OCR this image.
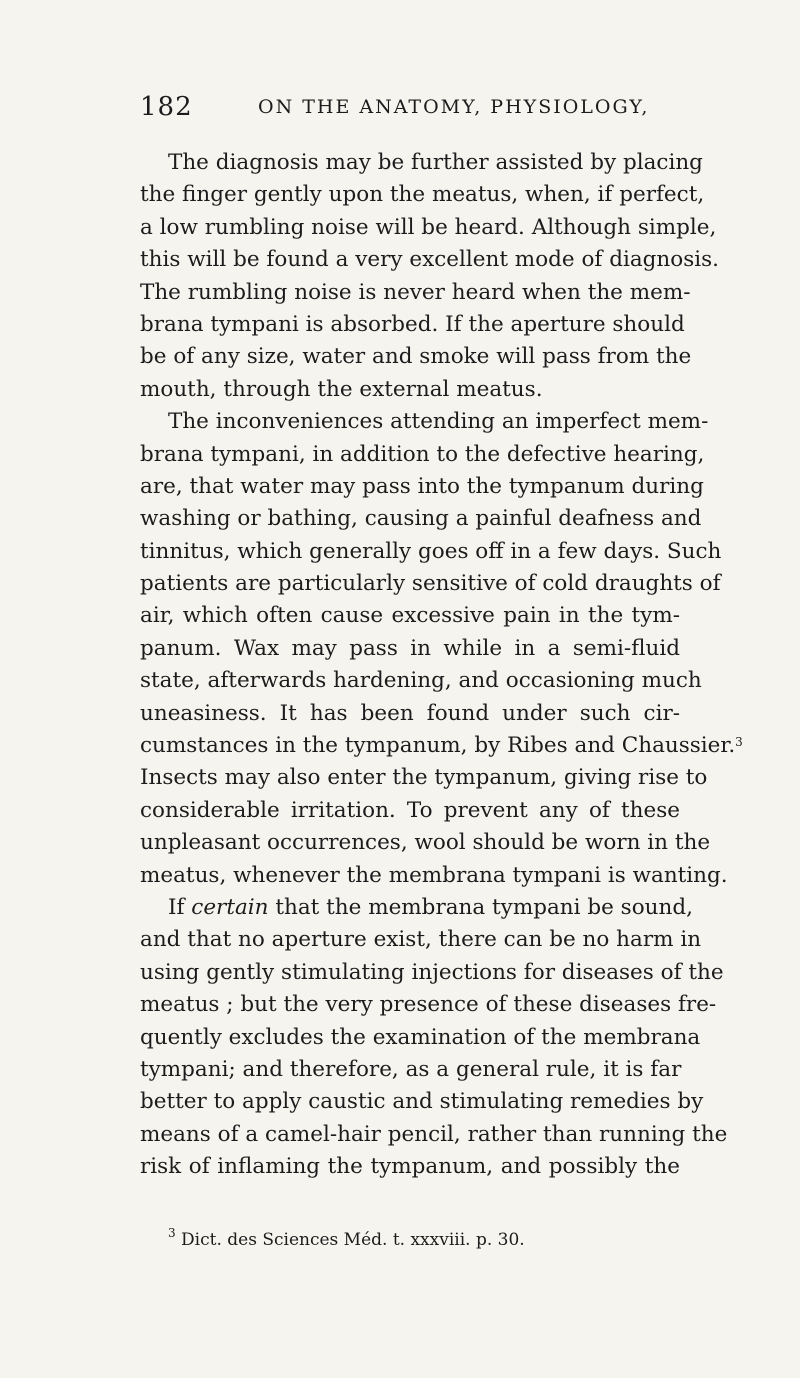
182	ON THE ANATOMY, PHYSIOLOGY,
The diagnosis may be further assisted by placing
the finger gently upon the meatus, when, if perfect,
a low rumbling noise will be heard. Although simple,
this will be found a very excellent mode of diagnosis.
The rumbling noise is never heard when the mem-
brana tympani is absorbed. If the aperture should
be of any size, water and smoke will pass from the
mouth, through the external meatus.
The inconveniences attending an imperfect mem-
brana tympani, in addition to the defective hearing,
are, that water may pass into the tympanum during
washing or bathing, causing a painful deafness and
tinnitus, which generally goes off in a few days. Such
patients are particularly sensitive of cold draughts of
air, which often cause excessive pain in the tym-
panum. Wax may pass in while in a semi-fluid
state, afterwards hardening, and occasioning much
uneasiness. It has been found under such cir-
cumstances in the tympanum, by Ribes and Chaussier.$^3$
Insects may also enter the tympanum, giving rise to
considerable irritation. To prevent any of these
unpleasant occurrences, wool should be worn in the
meatus, whenever the membrana tympani is wanting.
If certain that the membrana tympani be sound,
and that no aperture exist, there can be no harm in
using gently stimulating injections for diseases of the
meatus ; but the very presence of these diseases fre-
quently excludes the examination of the membrana
tympani; and therefore, as a general rule, it is far
better to apply caustic and stimulating remedies by
means of a camel-hair pencil, rather than running the
risk of inflaming the tympanum, and possibly the
$^3$ Dict. des Sciences Méd. t. xxxviii. p. 30.
